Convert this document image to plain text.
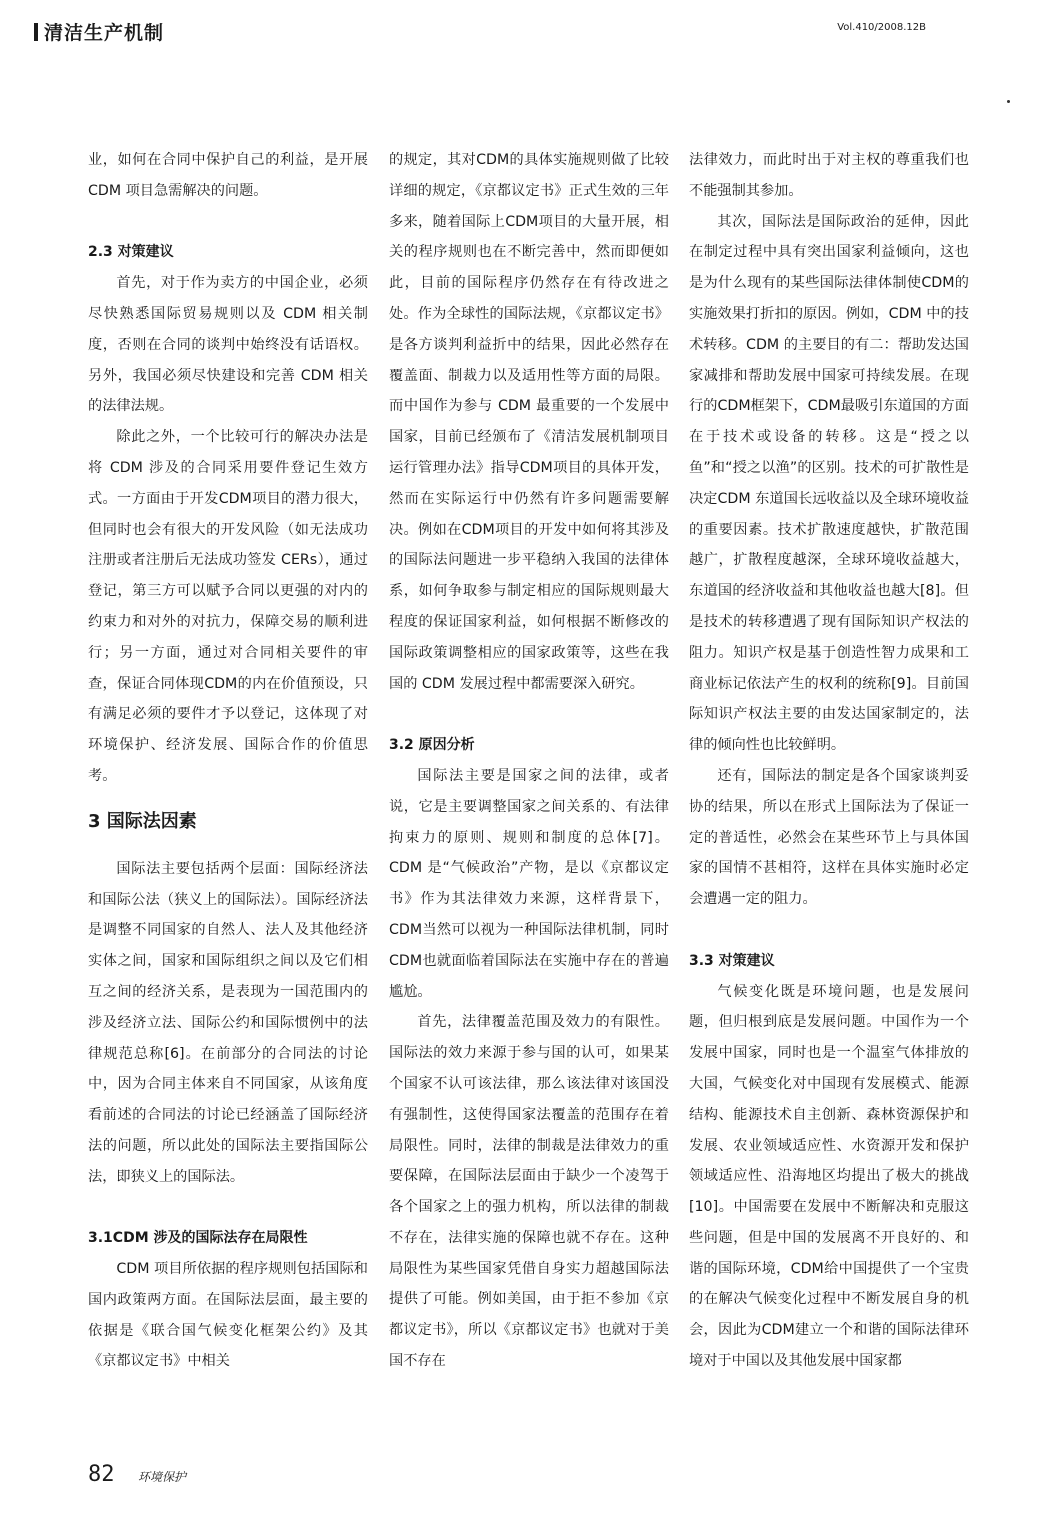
清洁生产机制	Vol.410/2008.12B

业，如何在合同中保护自己的利益，是开展 CDM 项目急需解决的问题。

2.3 对策建议

首先，对于作为卖方的中国企业，必须尽快熟悉国际贸易规则以及 CDM 相关制度，否则在合同的谈判中始终没有话语权。另外，我国必须尽快建设和完善 CDM 相关的法律法规。

除此之外，一个比较可行的解决办法是将 CDM 涉及的合同采用要件登记生效方式。一方面由于开发CDM项目的潜力很大，但同时也会有很大的开发风险（如无法成功注册或者注册后无法成功签发 CERs），通过登记，第三方可以赋予合同以更强的对内的约束力和对外的对抗力，保障交易的顺利进行；另一方面，通过对合同相关要件的审查，保证合同体现CDM的内在价值预设，只有满足必须的要件才予以登记，这体现了对环境保护、经济发展、国际合作的价值思考。

3 国际法因素

国际法主要包括两个层面：国际经济法和国际公法（狭义上的国际法）。国际经济法是调整不同国家的自然人、法人及其他经济实体之间，国家和国际组织之间以及它们相互之间的经济关系，是表现为一国范围内的涉及经济立法、国际公约和国际惯例中的法律规范总称[6]。在前部分的合同法的讨论中，因为合同主体来自不同国家，从该角度看前述的合同法的讨论已经涵盖了国际经济法的问题，所以此处的国际法主要指国际公法，即狭义上的国际法。

3.1CDM 涉及的国际法存在局限性

CDM 项目所依据的程序规则包括国际和国内政策两方面。在国际法层面，最主要的依据是《联合国气候变化框架公约》及其《京都议定书》中相关

的规定，其对CDM的具体实施规则做了比较详细的规定，《京都议定书》正式生效的三年多来，随着国际上CDM项目的大量开展，相关的程序规则也在不断完善中，然而即便如此，目前的国际程序仍然存在有待改进之处。作为全球性的国际法规，《京都议定书》是各方谈判利益折中的结果，因此必然存在覆盖面、制裁力以及适用性等方面的局限。而中国作为参与 CDM 最重要的一个发展中国家，目前已经颁布了《清洁发展机制项目运行管理办法》指导CDM项目的具体开发，然而在实际运行中仍然有许多问题需要解决。例如在CDM项目的开发中如何将其涉及的国际法问题进一步平稳纳入我国的法律体系，如何争取参与制定相应的国际规则最大程度的保证国家利益，如何根据不断修改的国际政策调整相应的国家政策等，这些在我国的 CDM 发展过程中都需要深入研究。

3.2 原因分析

国际法主要是国家之间的法律，或者说，它是主要调整国家之间关系的、有法律拘束力的原则、规则和制度的总体[7]。CDM 是“气候政治”产物，是以《京都议定书》作为其法律效力来源，这样背景下，CDM当然可以视为一种国际法律机制，同时CDM也就面临着国际法在实施中存在的普遍尴尬。

首先，法律覆盖范围及效力的有限性。国际法的效力来源于参与国的认可，如果某个国家不认可该法律，那么该法律对该国没有强制性，这使得国家法覆盖的范围存在着局限性。同时，法律的制裁是法律效力的重要保障，在国际法层面由于缺少一个凌驾于各个国家之上的强力机构，所以法律的制裁不存在，法律实施的保障也就不存在。这种局限性为某些国家凭借自身实力超越国际法提供了可能。例如美国，由于拒不参加《京都议定书》，所以《京都议定书》也就对于美国不存在

法律效力，而此时出于对主权的尊重我们也不能强制其参加。

其次，国际法是国际政治的延伸，因此在制定过程中具有突出国家利益倾向，这也是为什么现有的某些国际法律体制使CDM的实施效果打折扣的原因。例如，CDM 中的技术转移。CDM 的主要目的有二：帮助发达国家减排和帮助发展中国家可持续发展。在现行的CDM框架下，CDM最吸引东道国的方面在于技术或设备的转移。这是“授之以鱼”和“授之以渔”的区别。技术的可扩散性是决定CDM 东道国长远收益以及全球环境收益的重要因素。技术扩散速度越快，扩散范围越广，扩散程度越深，全球环境收益越大，东道国的经济收益和其他收益也越大[8]。但是技术的转移遭遇了现有国际知识产权法的阻力。知识产权是基于创造性智力成果和工商业标记依法产生的权利的统称[9]。目前国际知识产权法主要的由发达国家制定的，法律的倾向性也比较鲜明。

还有，国际法的制定是各个国家谈判妥协的结果，所以在形式上国际法为了保证一定的普适性，必然会在某些环节上与具体国家的国情不甚相符，这样在具体实施时必定会遭遇一定的阻力。

3.3 对策建议

气候变化既是环境问题，也是发展问题，但归根到底是发展问题。中国作为一个发展中国家，同时也是一个温室气体排放的大国，气候变化对中国现有发展模式、能源结构、能源技术自主创新、森林资源保护和发展、农业领域适应性、水资源开发和保护领域适应性、沿海地区均提出了极大的挑战[10]。中国需要在发展中不断解决和克服这些问题，但是中国的发展离不开良好的、和谐的国际环境，CDM给中国提供了一个宝贵的在解决气候变化过程中不断发展自身的机会，因此为CDM建立一个和谐的国际法律环境对于中国以及其他发展中国家都

82 环境保护
